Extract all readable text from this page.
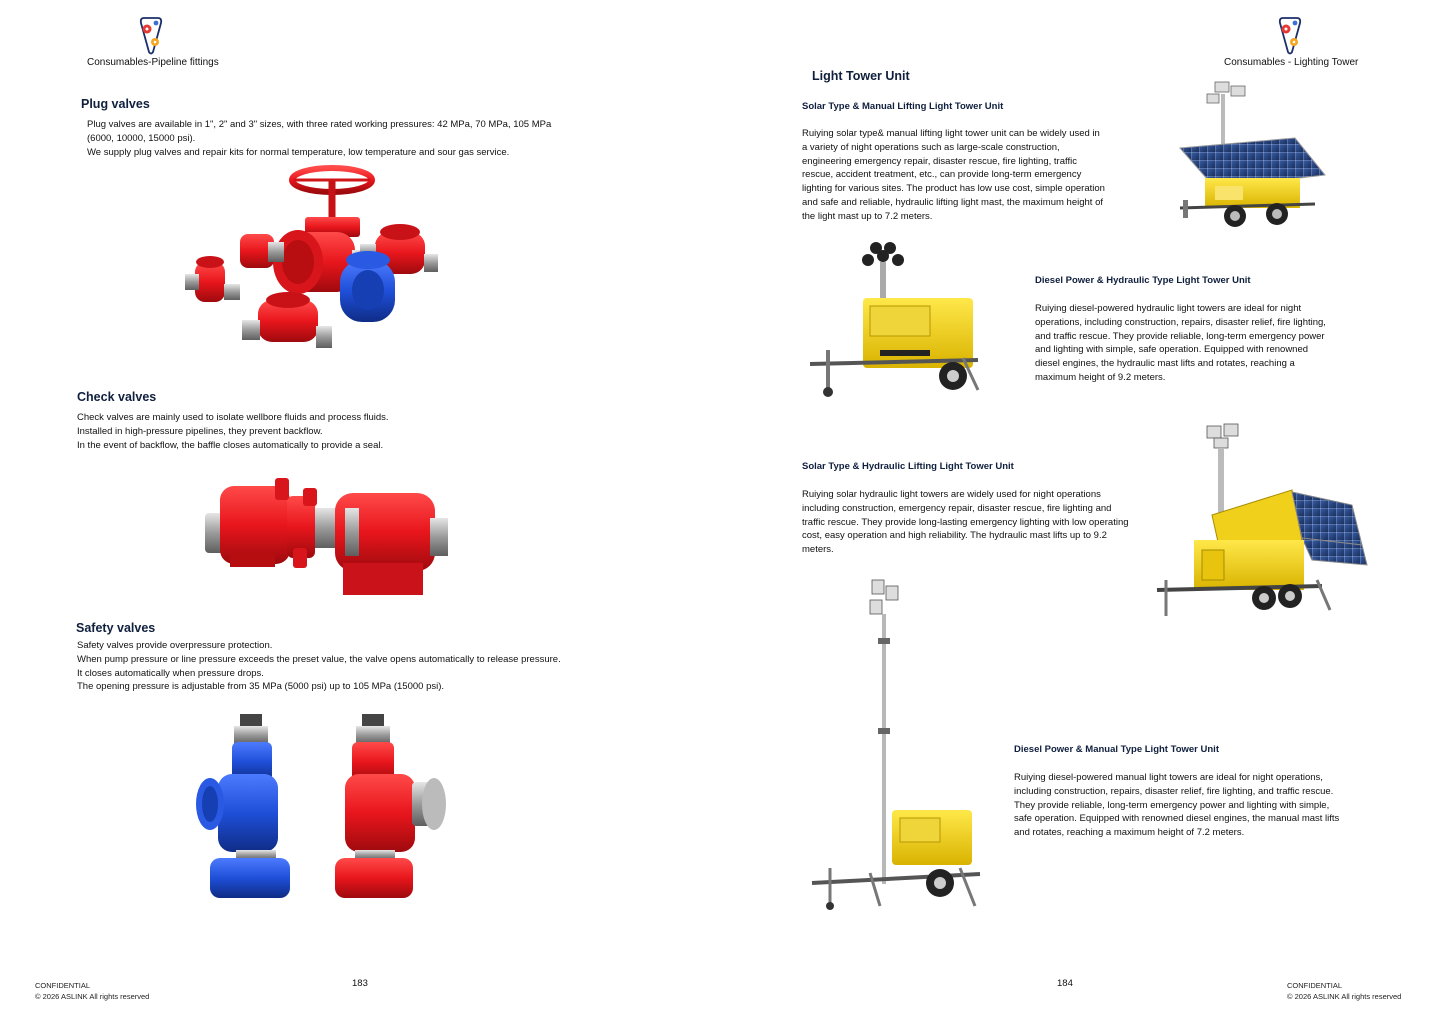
Consumables-Pipeline fittings
Plug valves
Plug valves are available in 1", 2" and 3" sizes, with three rated working pressures: 42 MPa, 70 MPa, 105 MPa
(6000, 10000, 15000 psi).
We supply plug valves and repair kits for normal temperature, low temperature and sour gas service.
Check valves
Check valves are mainly used to isolate wellbore fluids and process fluids.
Installed in high-pressure pipelines, they prevent backflow.
In the event of backflow, the baffle closes automatically to provide a seal.
Safety valves
Safety valves provide overpressure protection.
When pump pressure or line pressure exceeds the preset value, the valve opens automatically to release pressure.
It closes automatically when pressure drops.
The opening pressure is adjustable from 35 MPa (5000 psi) up to 105 MPa (15000 psi).
CONFIDENTIAL
© 2026 ASLINK All rights reserved
183
Consumables - Lighting Tower
Light Tower Unit
Solar Type & Manual Lifting Light Tower Unit
Ruiying solar type& manual lifting light tower unit can be widely used in
a variety of night operations such as large-scale construction,
engineering emergency repair, disaster rescue, fire lighting, traffic
rescue, accident treatment, etc., can provide long-term emergency
lighting for various sites. The product has low use cost, simple operation
and safe and reliable, hydraulic lifting light mast, the maximum height of
the light mast up to 7.2 meters.
Diesel Power & Hydraulic Type Light Tower Unit
Ruiying diesel-powered hydraulic light towers are ideal for night
operations, including construction, repairs, disaster relief, fire lighting,
and traffic rescue. They provide reliable, long-term emergency power
and lighting with simple, safe operation. Equipped with renowned
diesel engines, the hydraulic mast lifts and rotates, reaching a
maximum height of 9.2 meters.
Solar Type & Hydraulic Lifting Light Tower Unit
Ruiying solar hydraulic light towers are widely used for night operations
including construction, emergency repair, disaster rescue, fire lighting and
traffic rescue. They provide long-lasting emergency lighting with low operating
cost, easy operation and high reliability. The hydraulic mast lifts up to 9.2
meters.
Diesel Power & Manual Type Light Tower Unit
Ruiying diesel-powered manual light towers are ideal for night operations,
including construction, repairs, disaster relief, fire lighting, and traffic rescue.
They provide reliable, long-term emergency power and lighting with simple,
safe operation. Equipped with renowned diesel engines, the manual mast lifts
and rotates, reaching a maximum height of 7.2 meters.
184	CONFIDENTIAL
© 2026 ASLINK All rights reserved
